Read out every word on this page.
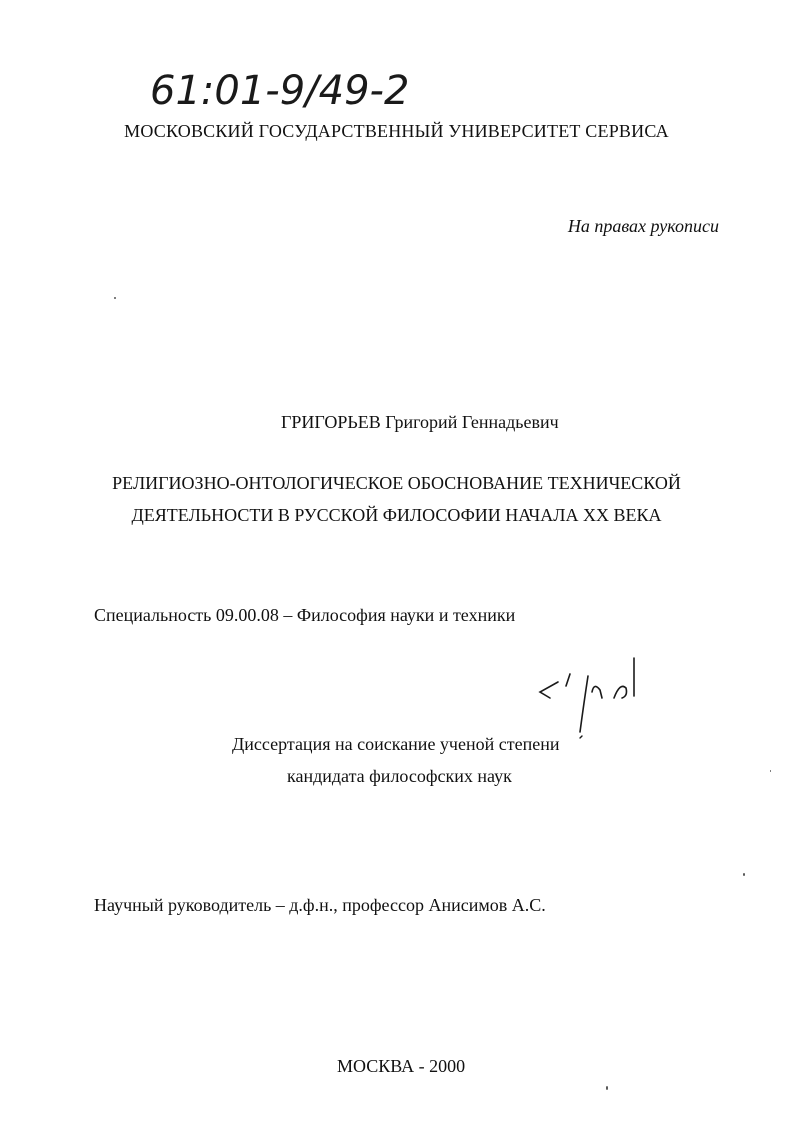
61:01-9/49-2
МОСКОВСКИЙ ГОСУДАРСТВЕННЫЙ УНИВЕРСИТЕТ СЕРВИСА
На правах рукописи
ГРИГОРЬЕВ Григорий Геннадьевич
РЕЛИГИОЗНО-ОНТОЛОГИЧЕСКОЕ ОБОСНОВАНИЕ ТЕХНИЧЕСКОЙ
ДЕЯТЕЛЬНОСТИ В РУССКОЙ ФИЛОСОФИИ НАЧАЛА XX ВЕКА
Специальность 09.00.08 – Философия науки и техники
Диссертация на соискание ученой степени
кандидата философских наук
Научный руководитель – д.ф.н., профессор Анисимов А.С.
МОСКВА - 2000
